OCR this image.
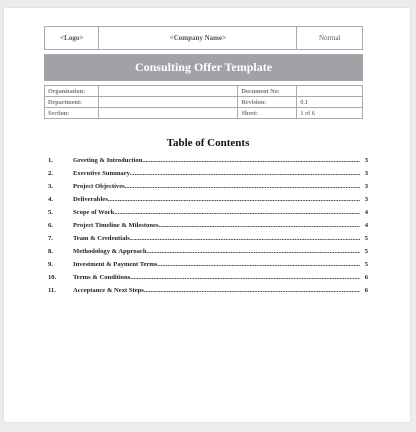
<Logo>	<Company Name>		Normal

Consulting Offer Template			

Organization:		Document No:	
Department:		Revision:	0.1
Section:		Sheet:	1 of 6
Table of Contents
1.	Greeting & Introduction .....	3
2.	Executive Summary .....	3
3.	Project Objectives .....	3
4.	Deliverables .....	3
5.	Scope of Work .....	4
6.	Project Timeline & Milestones .....	4
7.	Team & Credentials .....	5
8.	Methodology & Approach .....	5
9.	Investment & Payment Terms .....	5
10.	Terms & Conditions .....	6
11.	Acceptance & Next Steps .....	6
